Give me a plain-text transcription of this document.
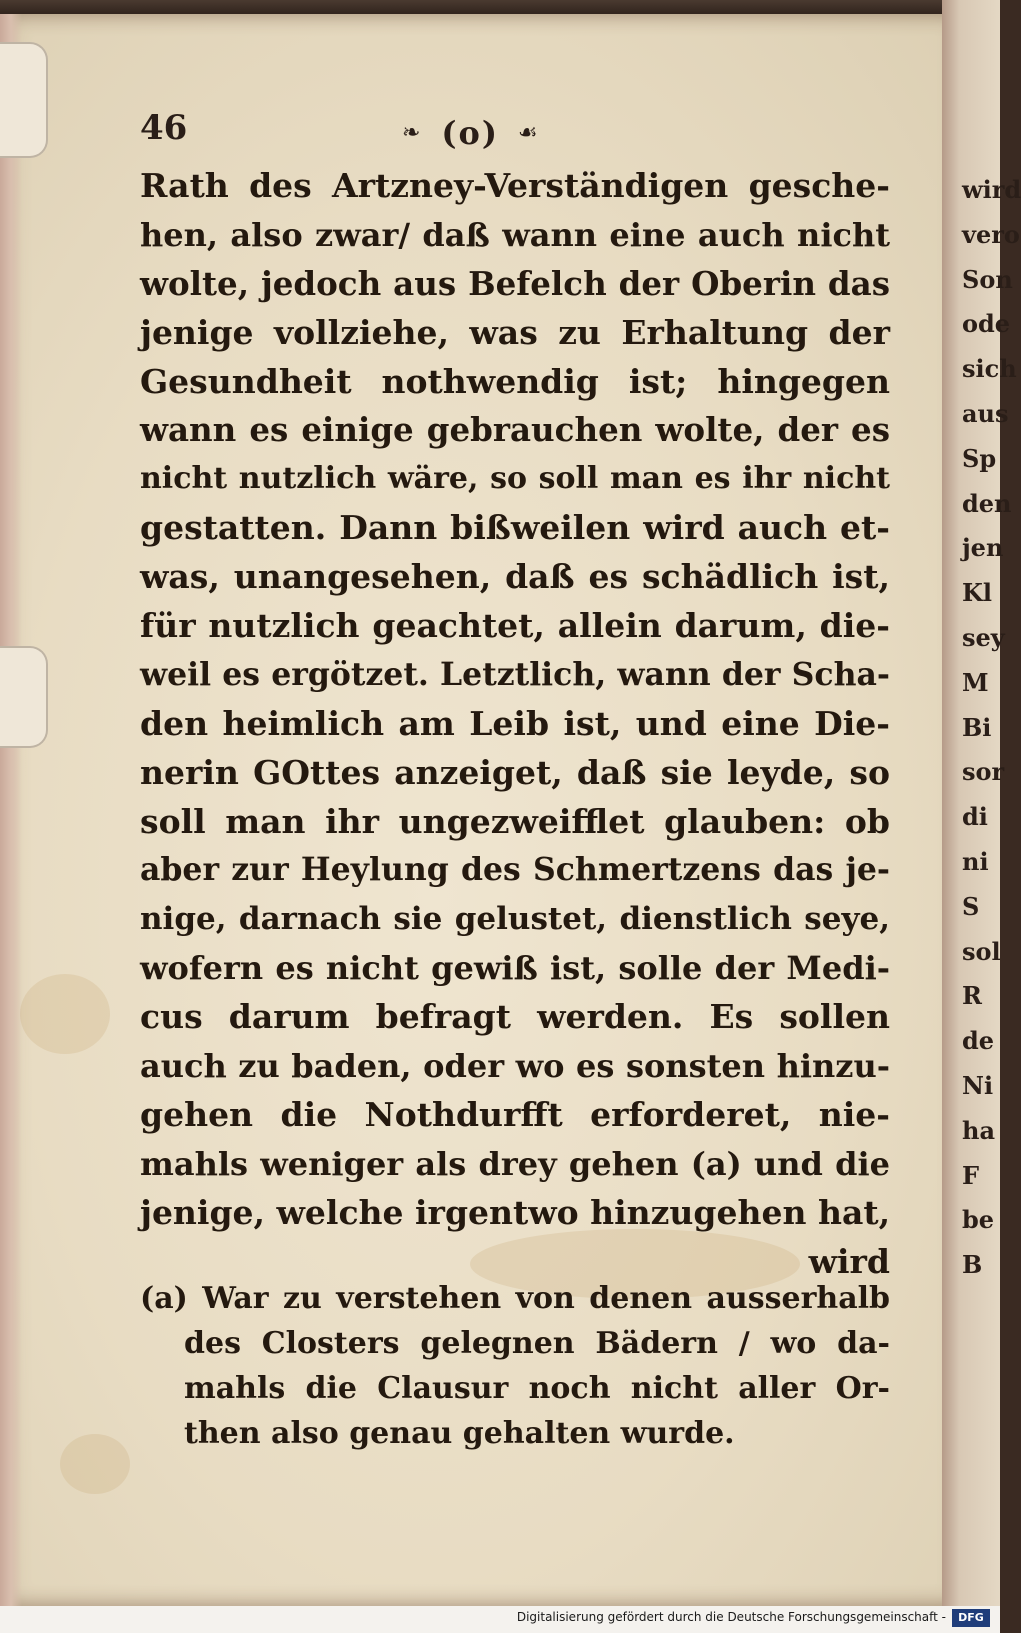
wird
vero
Son
ode
sich
aus
Sp
den
jen
Kl
sey
M
Bi
sor
di
ni
S
sol
R
de
Ni
ha
F
be
B
46	❧ (o) ☙
Rath des Artzney-Verständigen gesche-
hen, also zwar/ daß wann eine auch nicht
wolte, jedoch aus Befelch der Oberin das
jenige vollziehe, was zu Erhaltung der
Gesundheit nothwendig ist; hingegen
wann es einige gebrauchen wolte, der es
nicht nutzlich wäre, so soll man es ihr nicht
gestatten. Dann bißweilen wird auch et-
was, unangesehen, daß es schädlich ist,
für nutzlich geachtet, allein darum, die-
weil es ergötzet. Letztlich, wann der Scha-
den heimlich am Leib ist, und eine Die-
nerin GOttes anzeiget, daß sie leyde, so
soll man ihr ungezweifflet glauben: ob
aber zur Heylung des Schmertzens das je-
nige, darnach sie gelustet, dienstlich seye,
wofern es nicht gewiß ist, solle der Medi-
cus darum befragt werden. Es sollen
auch zu baden, oder wo es sonsten hinzu-
gehen die Nothdurfft erforderet, nie-
mahls weniger als drey gehen (a) und die
jenige, welche irgentwo hinzugehen hat,
wird
(a) War zu verstehen von denen ausserhalb
des Closters gelegnen Bädern / wo da-
mahls die Clausur noch nicht aller Or-
then also genau gehalten wurde.
Digitalisierung gefördert durch die Deutsche Forschungsgemeinschaft -	DFG
